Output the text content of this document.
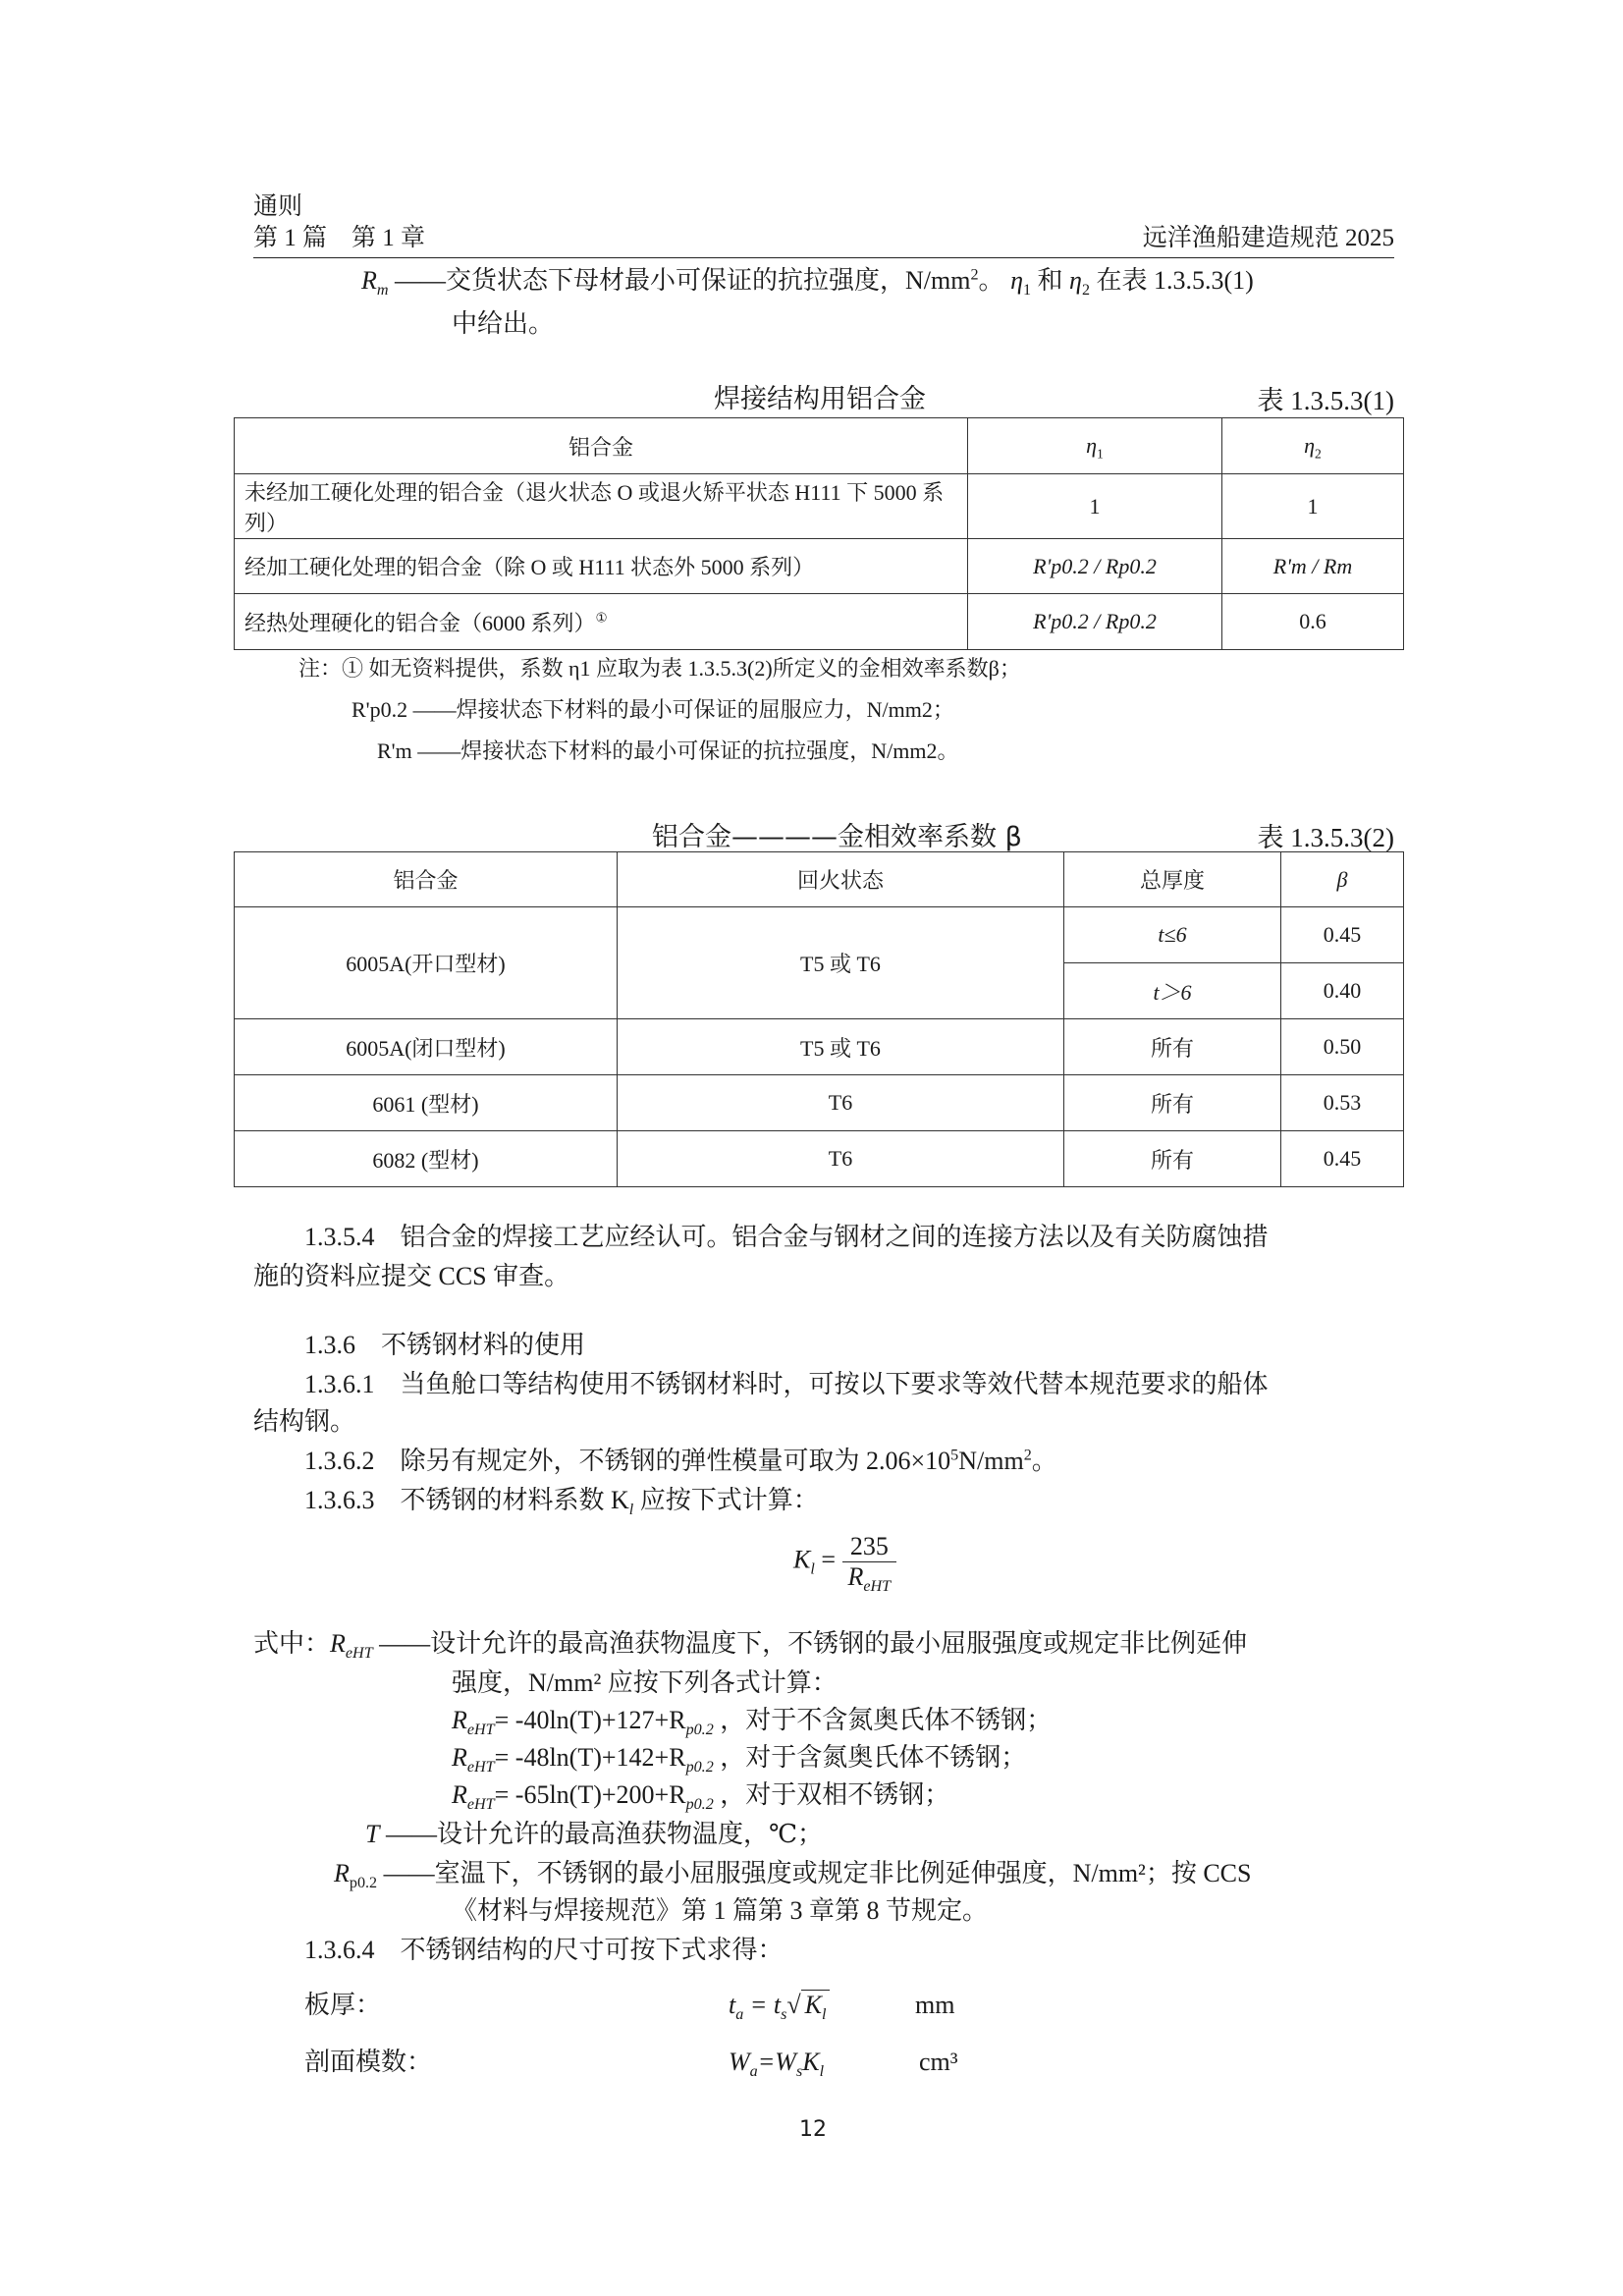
通则
第 1 篇　第 1 章	远洋渔船建造规范 2025
$R_m$ ——交货状态下母材最小可保证的抗拉强度，$N/mm^2$。 $\eta_1$ 和 $\eta_2$ 在表 1.3.5.3(1)
中给出。
焊接结构用铝合金	表 1.3.5.3(1)
铝合金	$\eta_1$	$\eta_2$
未经加工硬化处理的铝合金（退火状态 O 或退火矫平状态 H111 下 5000 系列）	1	1
经加工硬化处理的铝合金（除 O 或 H111 状态外 5000 系列）	R'p0.2 / Rp0.2	R'm / Rm
经热处理硬化的铝合金（6000 系列）①	R'p0.2 / Rp0.2	0.6
注：① 如无资料提供，系数 η1 应取为表 1.3.5.3(2)所定义的金相效率系数β；
R'p0.2 ——焊接状态下材料的最小可保证的屈服应力，N/mm2；
R'm ——焊接状态下材料的最小可保证的抗拉强度，N/mm2。
铝合金————金相效率系数 β	表 1.3.5.3(2)
铝合金	回火状态	总厚度	β
6005A(开口型材)	T5 或 T6	t≤6	0.45
		t＞6	0.40
6005A(闭口型材)	T5 或 T6	所有	0.50
6061 (型材)	T6	所有	0.53
6082 (型材)	T6	所有	0.45
1.3.5.4　铝合金的焊接工艺应经认可。铝合金与钢材之间的连接方法以及有关防腐蚀措
施的资料应提交 CCS 审查。
1.3.6　不锈钢材料的使用
1.3.6.1　当鱼舱口等结构使用不锈钢材料时，可按以下要求等效代替本规范要求的船体
结构钢。
1.3.6.2　除另有规定外，不锈钢的弹性模量可取为 $2.06\times 10^5N/mm^2$。
1.3.6.3　不锈钢的材料系数 $K_l$ 应按下式计算：
$K_l = \frac{235}{R_{eHT}}$
式中：$R_{eHT}$ ——设计允许的最高渔获物温度下，不锈钢的最小屈服强度或规定非比例延伸
强度，N/mm² 应按下列各式计算：
$R_{eHT}= -40\ln(T)+127+R_{p0.2}$ ，对于不含氮奥氏体不锈钢；
$R_{eHT}= -48\ln(T)+142+R_{p0.2}$ ，对于含氮奥氏体不锈钢；
$R_{eHT}= -65\ln(T)+200+R_{p0.2}$ ，对于双相不锈钢；
T ——设计允许的最高渔获物温度，℃；
$R_{p0.2}$ ——室温下，不锈钢的最小屈服强度或规定非比例延伸强度，N/mm²；按 CCS
《材料与焊接规范》第 1 篇第 3 章第 8 节规定。
1.3.6.4　不锈钢结构的尺寸可按下式求得：
板厚：	$t_a = t_s√$ $K_l$	mm
剖面模数：	$W_a=W_sK_l$	cm³
12
